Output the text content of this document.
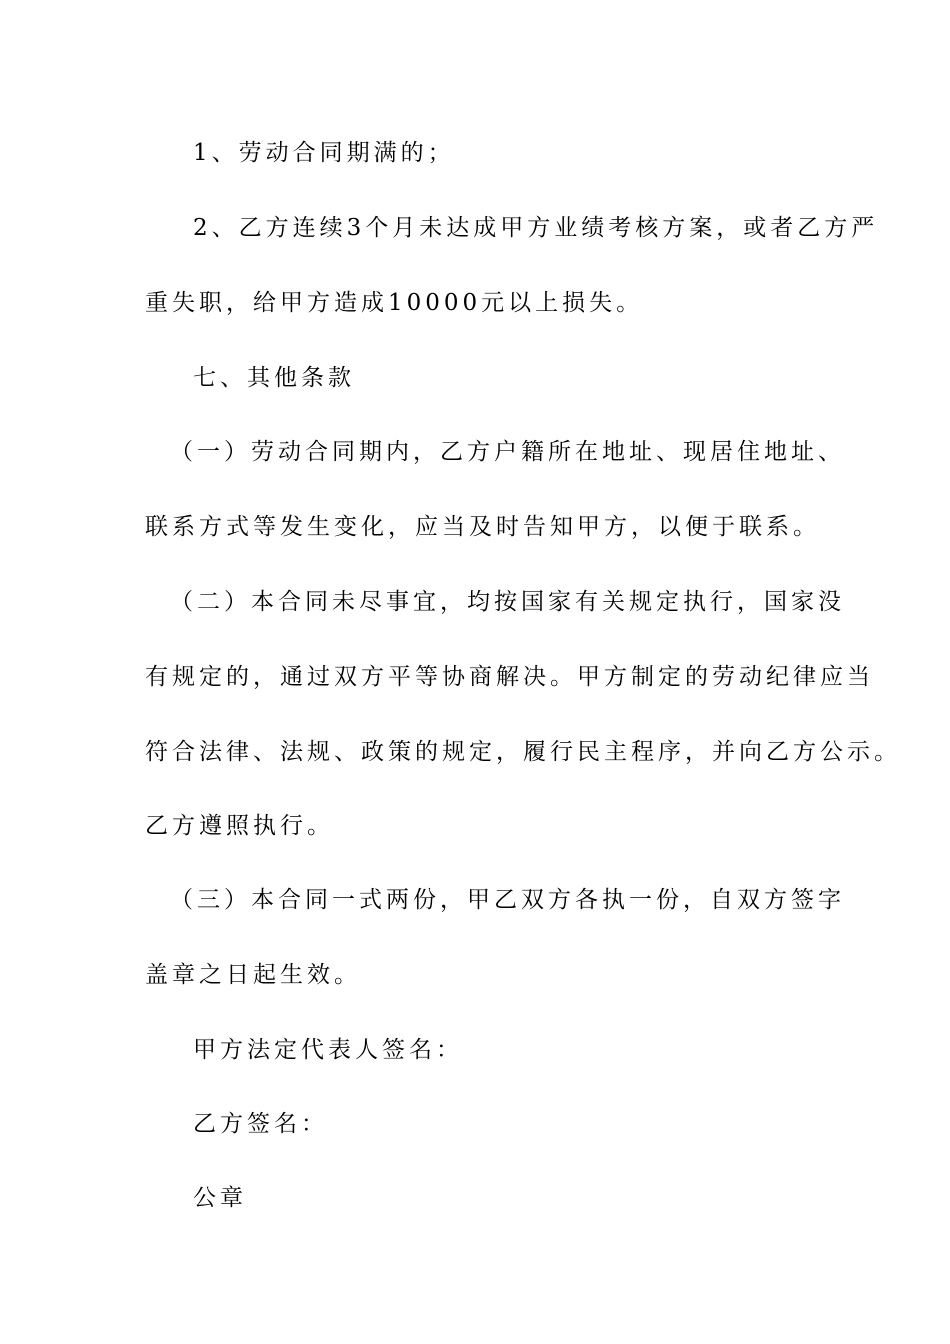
1、劳动合同期满的；
2、乙方连续3个月未达成甲方业绩考核方案，或者乙方严
重失职，给甲方造成10000元以上损失。
七、其他条款
（一）劳动合同期内，乙方户籍所在地址、现居住地址、
联系方式等发生变化，应当及时告知甲方，以便于联系。
（二）本合同未尽事宜，均按国家有关规定执行，国家没
有规定的，通过双方平等协商解决。甲方制定的劳动纪律应当
符合法律、法规、政策的规定，履行民主程序，并向乙方公示。
乙方遵照执行。
（三）本合同一式两份，甲乙双方各执一份，自双方签字
盖章之日起生效。
甲方法定代表人签名：
乙方签名：
公章
